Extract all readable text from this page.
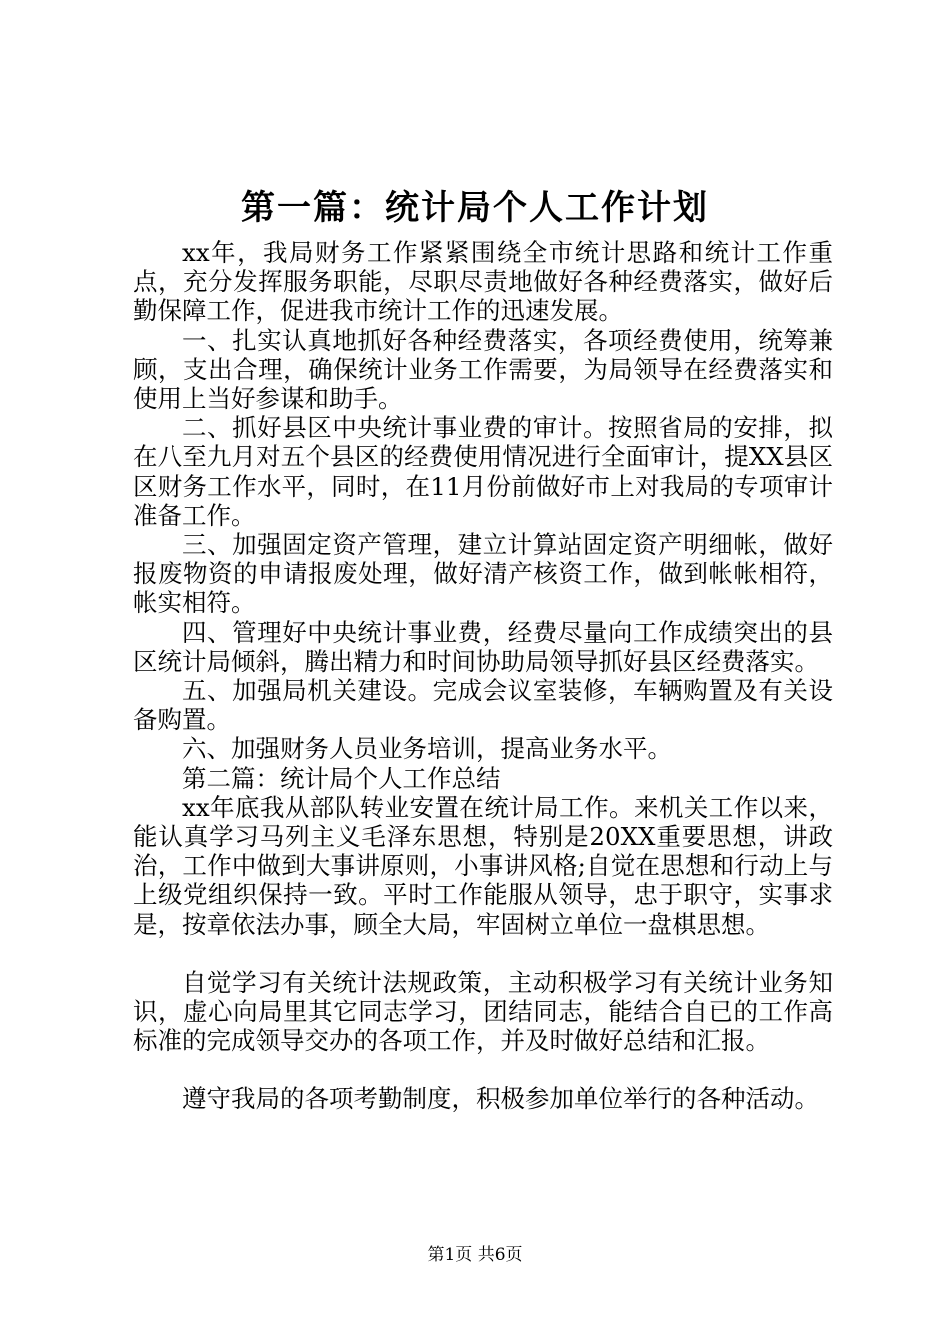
第一篇：统计局个人工作计划

xx年，我局财务工作紧紧围绕全市统计思路和统计工作重点，充分发挥服务职能，尽职尽责地做好各种经费落实，做好后勤保障工作，促进我市统计工作的迅速发展。

一、扎实认真地抓好各种经费落实，各项经费使用，统筹兼顾，支出合理，确保统计业务工作需要，为局领导在经费落实和使用上当好参谋和助手。

二、抓好县区中央统计事业费的审计。按照省局的安排，拟在八至九月对五个县区的经费使用情况进行全面审计，提XX县区区财务工作水平，同时，在11月份前做好市上对我局的专项审计准备工作。

三、加强固定资产管理，建立计算站固定资产明细帐，做好报废物资的申请报废处理，做好清产核资工作，做到帐帐相符，帐实相符。

四、管理好中央统计事业费，经费尽量向工作成绩突出的县区统计局倾斜，腾出精力和时间协助局领导抓好县区经费落实。

五、加强局机关建设。完成会议室装修，车辆购置及有关设备购置。

六、加强财务人员业务培训，提高业务水平。

第二篇：统计局个人工作总结

xx年底我从部队转业安置在统计局工作。来机关工作以来，能认真学习马列主义毛泽东思想，特别是20XX重要思想，讲政治，工作中做到大事讲原则，小事讲风格;自觉在思想和行动上与上级党组织保持一致。平时工作能服从领导，忠于职守，实事求是，按章依法办事，顾全大局，牢固树立单位一盘棋思想。

自觉学习有关统计法规政策，主动积极学习有关统计业务知识，虚心向局里其它同志学习，团结同志，能结合自已的工作高标准的完成领导交办的各项工作，并及时做好总结和汇报。

遵守我局的各项考勤制度，积极参加单位举行的各种活动。

第1页 共6页
